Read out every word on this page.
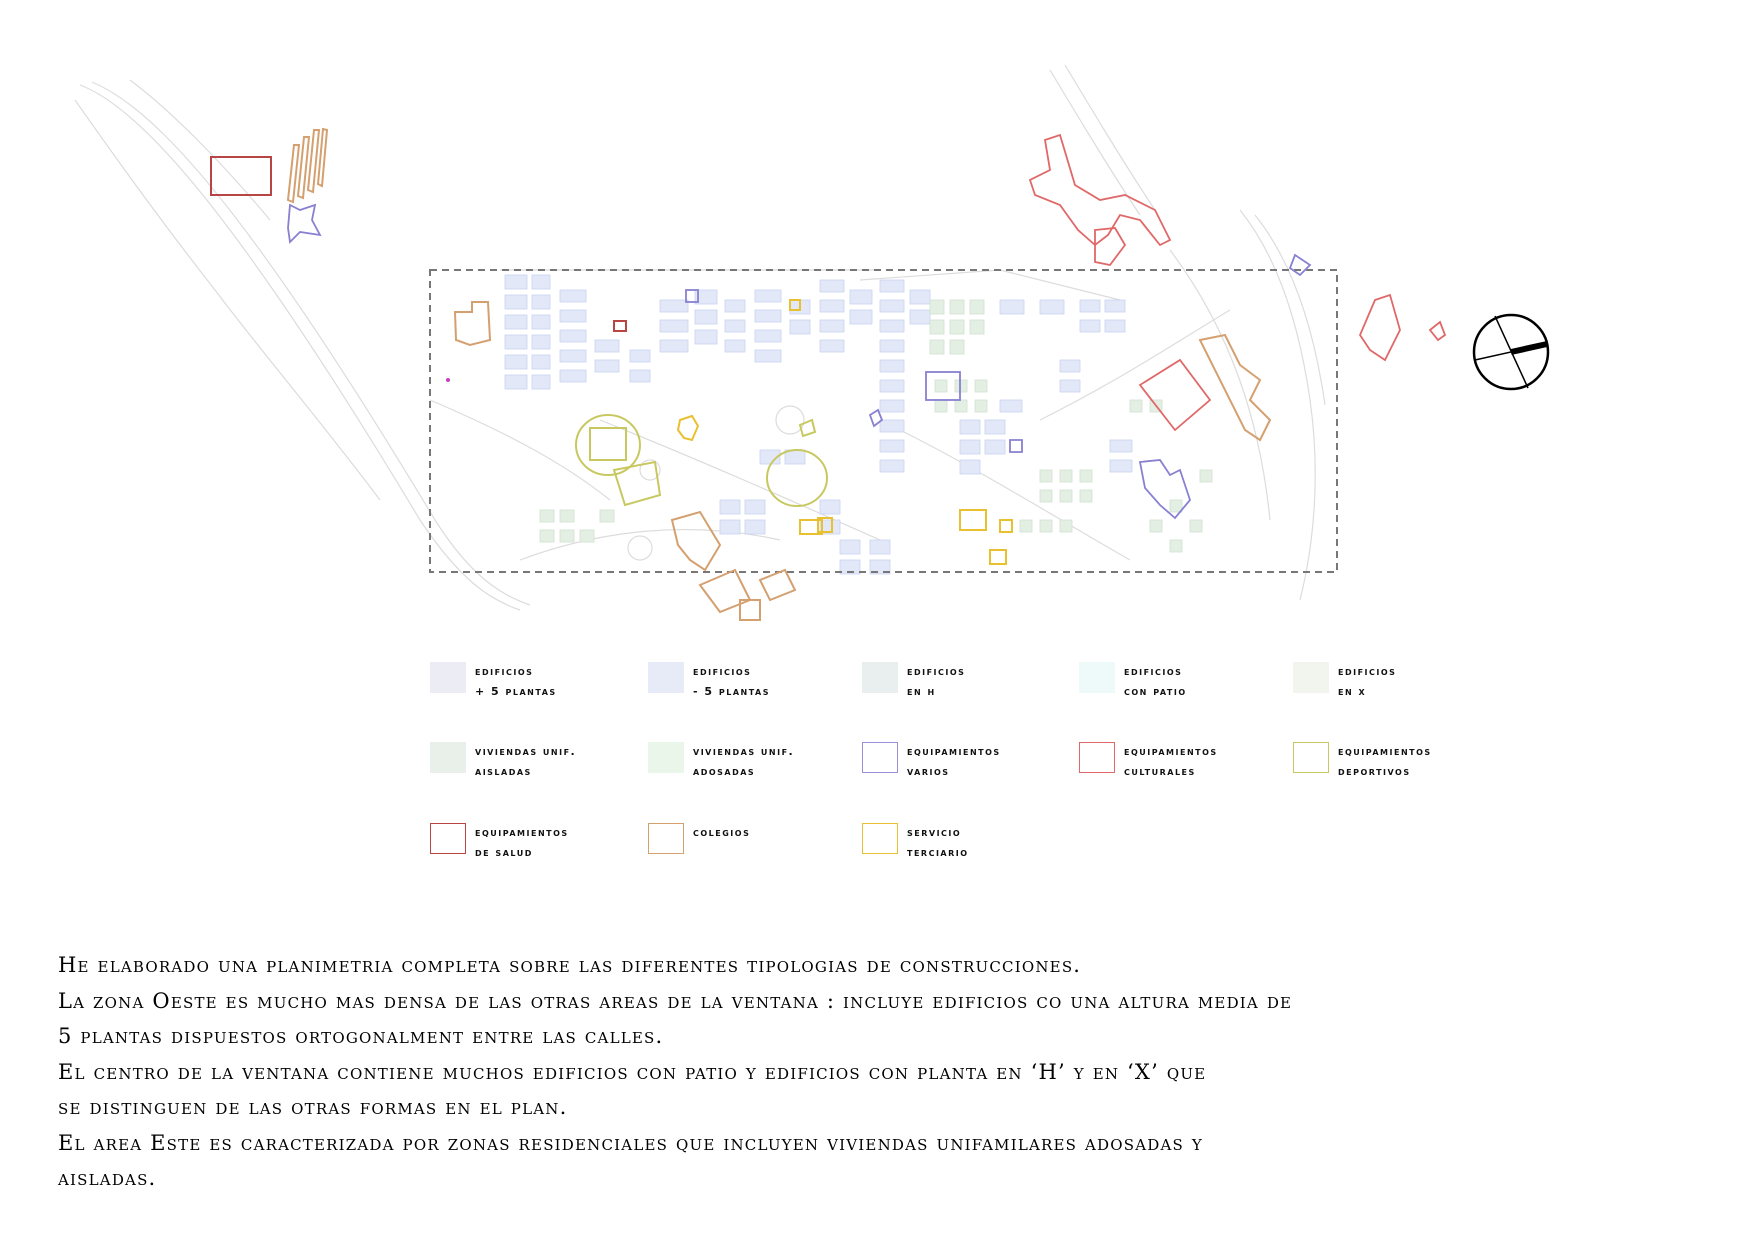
edificios
+ 5 plantas
edificios
- 5 plantas
edificios
en h
edificios
con patio
edificios
en x
viviendas unif.
aisladas
viviendas unif.
adosadas
equipamientos
varios
equipamientos
culturales
equipamientos
deportivos
equipamientos
de salud
colegios	servicio
terciario

He elaborado una planimetria completa sobre las diferentes tipologias de construcciones.

La zona Oeste es mucho mas densa de las otras areas de la ventana : incluye edificios co una altura media de

5 plantas dispuestos ortogonalment entre las calles.

El centro de la ventana contiene muchos edificios con patio y edificios con planta en ‘H’ y en ‘X’ que

se distinguen de las otras formas en el plan.

El area Este es caracterizada por zonas residenciales que incluyen viviendas unifamilares adosadas y

aisladas.
